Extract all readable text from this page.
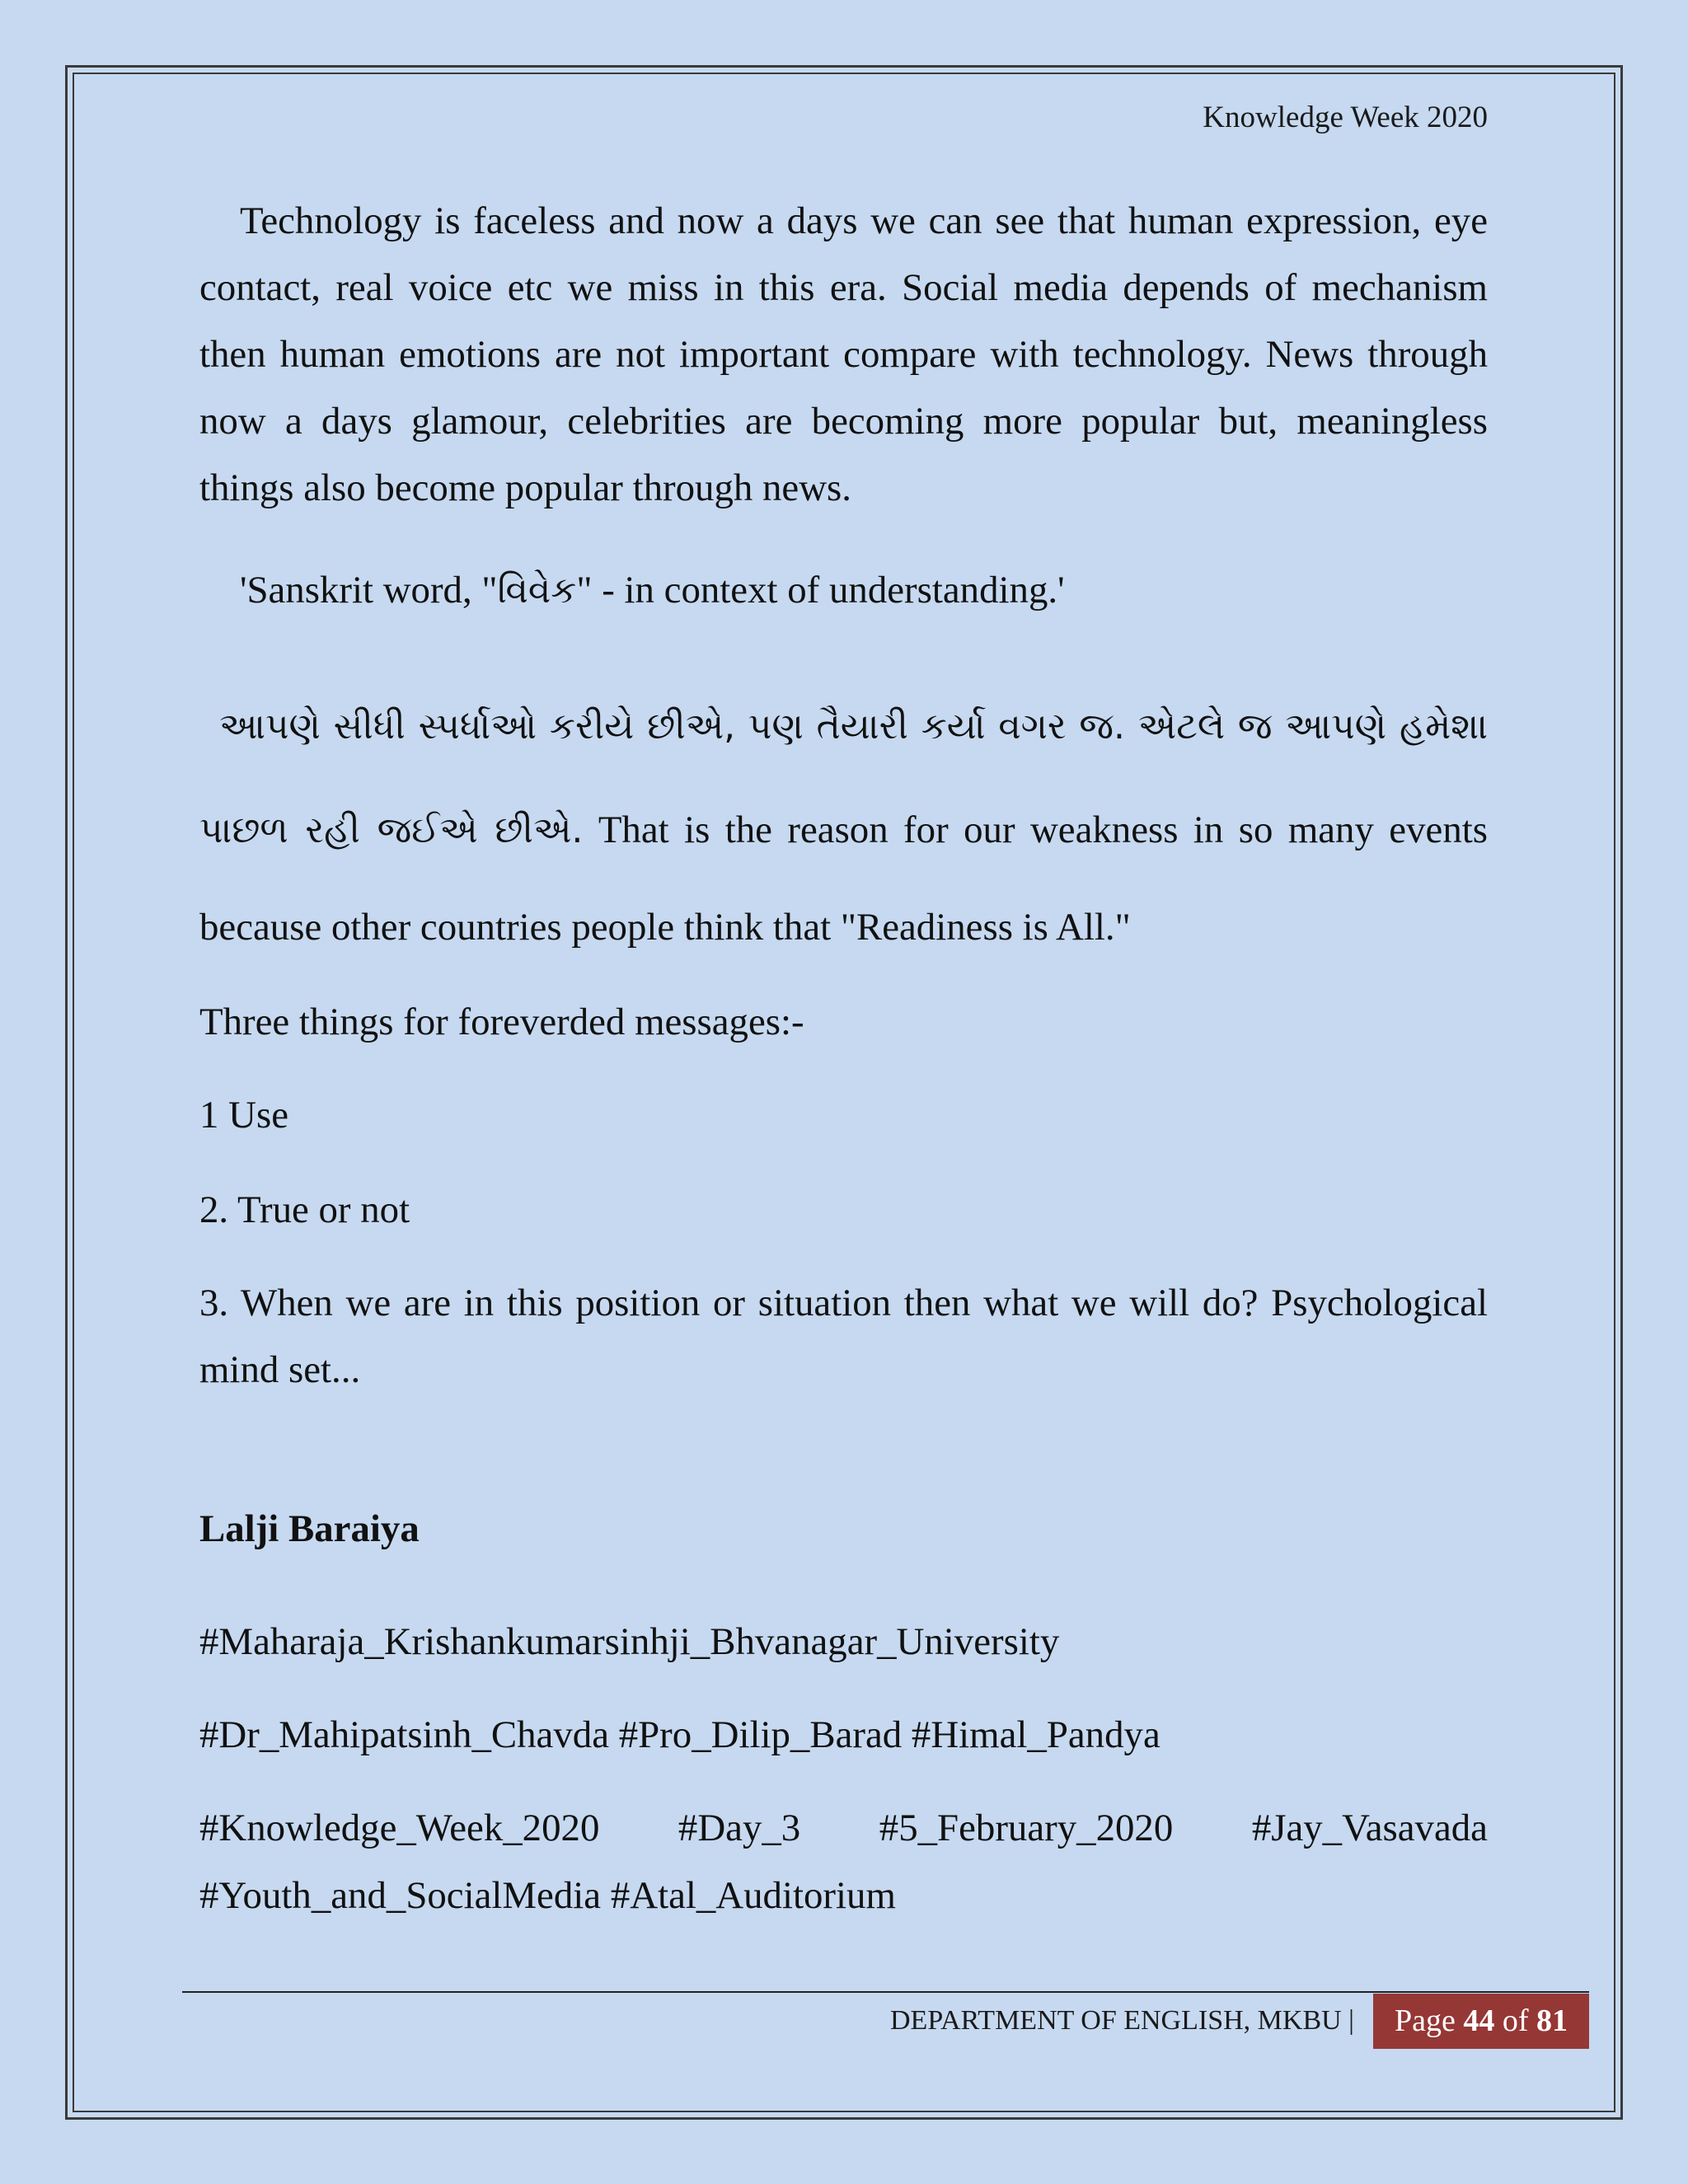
Knowledge Week 2020
Technology is faceless and now a days we can see that human expression, eye
contact, real voice etc we miss in this era. Social media depends of mechanism
then human emotions are not important compare with technology. News through
now a days glamour, celebrities are becoming more popular but, meaningless
things also become popular through news.
'Sanskrit word, "વિવેક" - in context of understanding.'
આપણે સીધી સ્પર્ધાઓ કરીયે છીએ, પણ તૈયારી કર્યા વગર જ. એટલે જ આપણે હમેશા
પાછળ રહી જઈએ છીએ. That is the reason for our weakness in so many events
because other countries people think that "Readiness is All."
Three things for foreverded messages:-
1 Use
2. True or not
3. When we are in this position or situation then what we will do? Psychological
mind set...
Lalji Baraiya
#Maharaja_Krishankumarsinhji_Bhvanagar_University
#Dr_Mahipatsinh_Chavda #Pro_Dilip_Barad #Himal_Pandya
#Knowledge_Week_2020 #Day_3 #5_February_2020 #Jay_Vasavada
#Youth_and_SocialMedia #Atal_Auditorium
DEPARTMENT OF ENGLISH, MKBU |	Page 44 of 81
